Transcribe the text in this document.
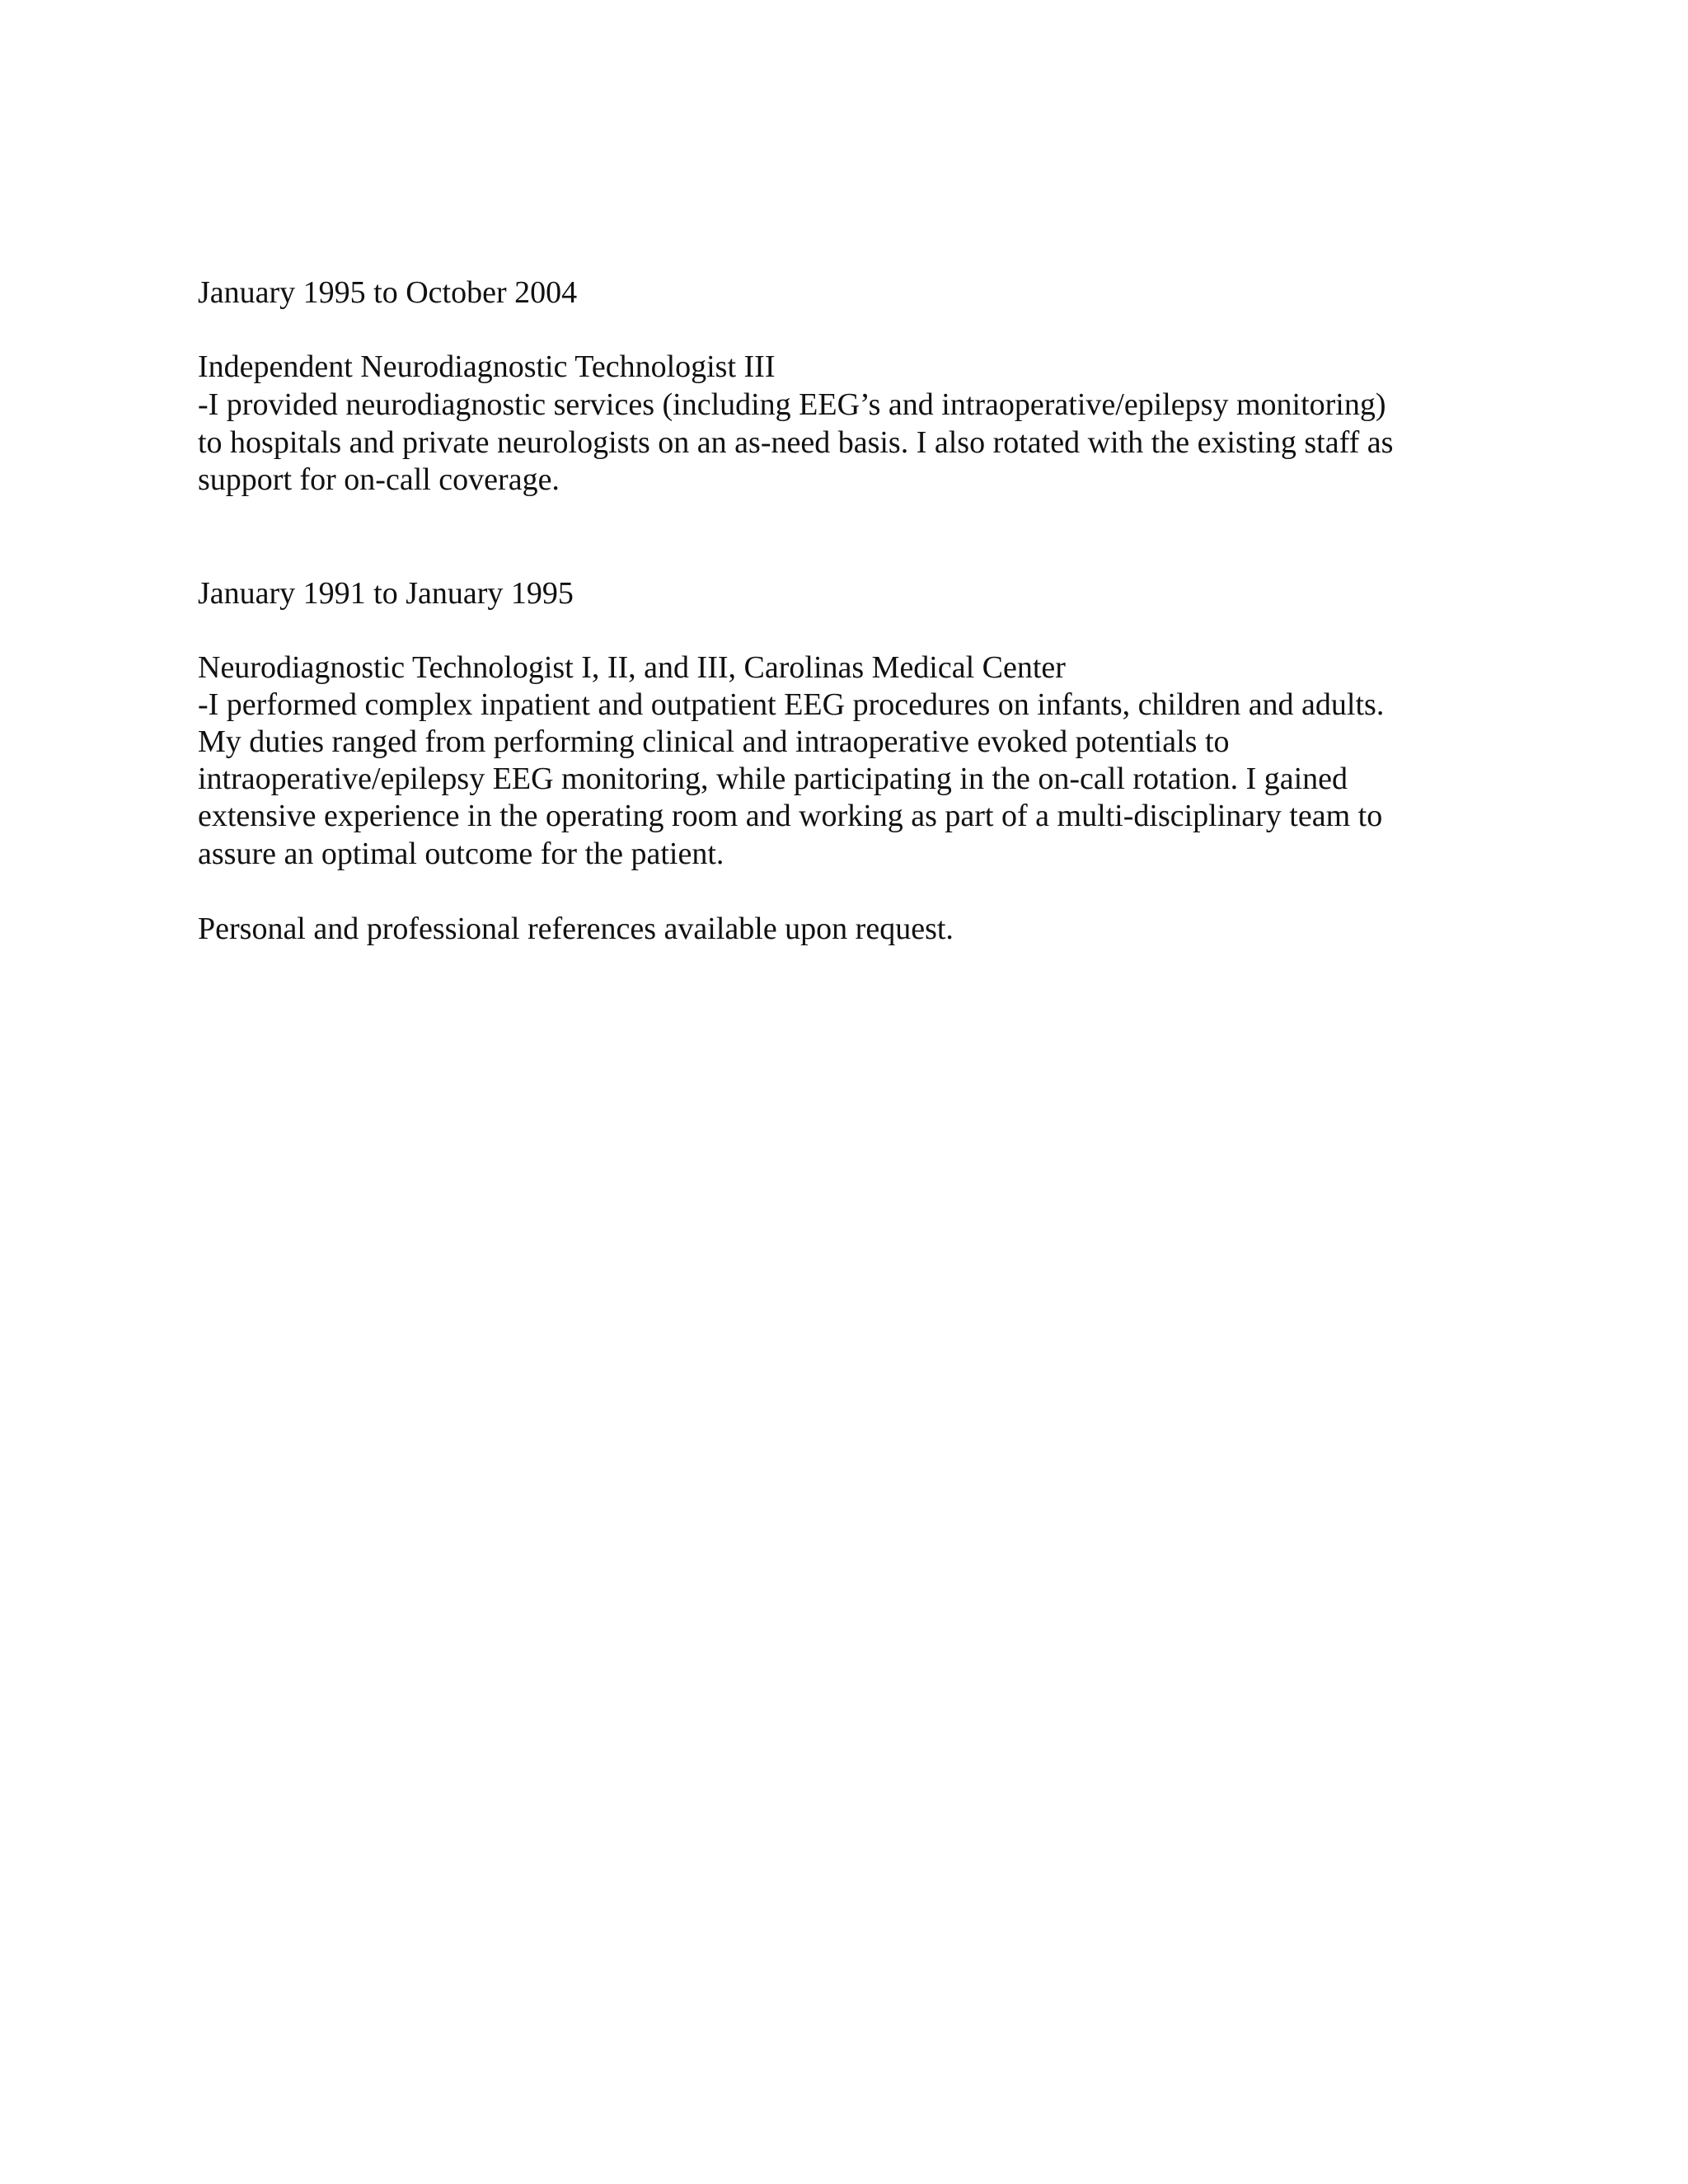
January 1995 to October 2004
Independent Neurodiagnostic Technologist III
-I provided neurodiagnostic services (including EEG’s and intraoperative/epilepsy monitoring)
to hospitals and private neurologists on an as-need basis. I also rotated with the existing staff as
support for on-call coverage.
January 1991 to January 1995
Neurodiagnostic Technologist I, II, and III, Carolinas Medical Center
-I performed complex inpatient and outpatient EEG procedures on infants, children and adults.
My duties ranged from performing clinical and intraoperative evoked potentials to
intraoperative/epilepsy EEG monitoring, while participating in the on-call rotation. I gained
extensive experience in the operating room and working as part of a multi-disciplinary team to
assure an optimal outcome for the patient.
Personal and professional references available upon request.
